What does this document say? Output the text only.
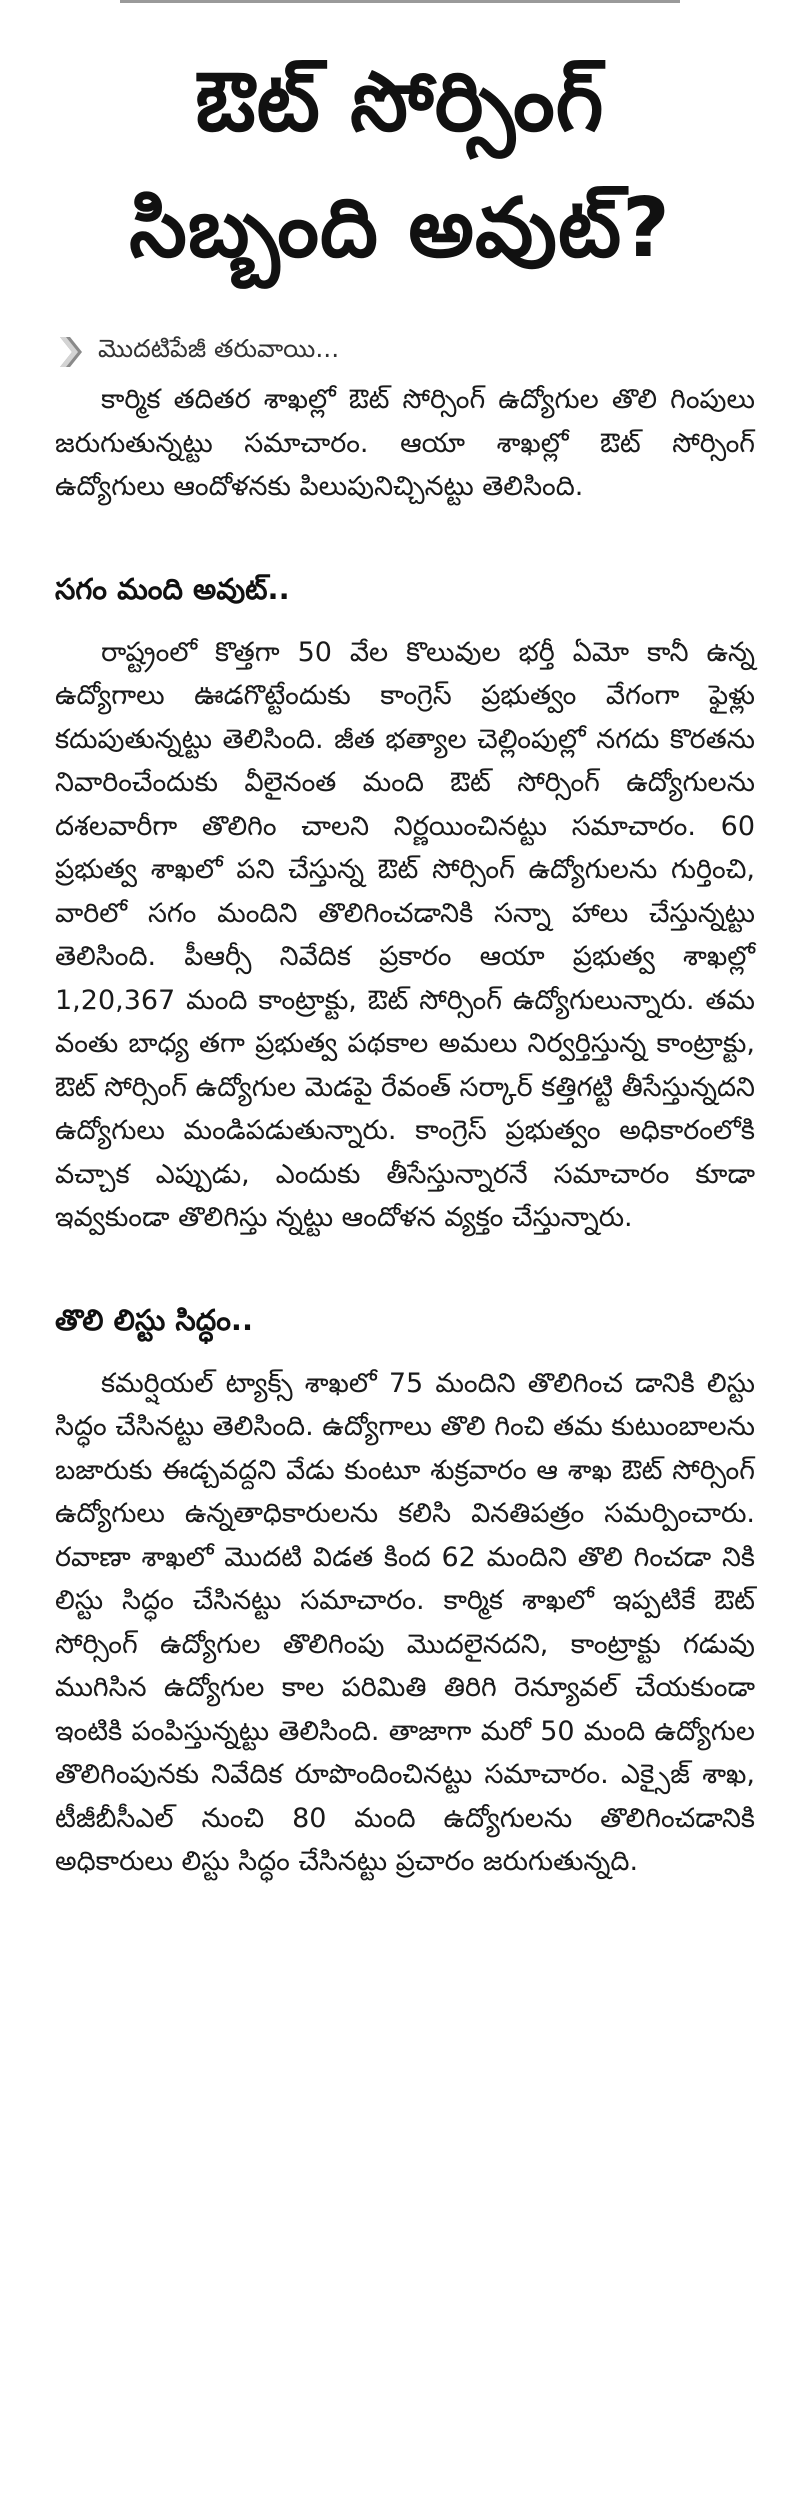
ఔట్ సోర్సింగ్
సిబ్బంది అవుట్?
మొదటిపేజీ తరువాయి...

కార్మిక తదితర శాఖల్లో ఔట్ సోర్సింగ్ ఉద్యోగుల తొలి గింపులు జరుగుతున్నట్టు సమాచారం. ఆయా శాఖల్లో ఔట్ సోర్సింగ్ ఉద్యోగులు ఆందోళనకు పిలుపునిచ్చినట్టు తెలిసింది.

సగం మంది అవుట్..

రాష్ట్రంలో కొత్తగా 50 వేల కొలువుల భర్తీ ఏమో కానీ ఉన్న ఉద్యోగాలు ఊడగొట్టేందుకు కాంగ్రెస్ ప్రభుత్వం వేగంగా ఫైళ్లు కదుపుతున్నట్టు తెలిసింది. జీత భత్యాల చెల్లింపుల్లో నగదు కొరతను నివారించేందుకు వీలైనంత మంది ఔట్ సోర్సింగ్ ఉద్యోగులను దశలవారీగా తొలిగిం చాలని నిర్ణయించినట్టు సమాచారం. 60 ప్రభుత్వ శాఖలో పని చేస్తున్న ఔట్ సోర్సింగ్ ఉద్యోగులను గుర్తించి, వారిలో సగం మందిని తొలిగించడానికి సన్నా హాలు చేస్తున్నట్టు తెలిసింది. పీఆర్సీ నివేదిక ప్రకారం ఆయా ప్రభుత్వ శాఖల్లో 1,20,367 మంది కాంట్రాక్టు, ఔట్ సోర్సింగ్ ఉద్యోగులున్నారు. తమ వంతు బాధ్య తగా ప్రభుత్వ పథకాల అమలు నిర్వర్తిస్తున్న కాంట్రాక్టు, ఔట్ సోర్సింగ్ ఉద్యోగుల మెడపై రేవంత్ సర్కార్ కత్తిగట్టి తీసేస్తున్నదని ఉద్యోగులు మండిపడుతున్నారు. కాంగ్రెస్ ప్రభుత్వం అధికారంలోకి వచ్చాక ఎప్పుడు, ఎందుకు తీసేస్తున్నారనే సమాచారం కూడా ఇవ్వకుండా తొలిగిస్తు న్నట్టు ఆందోళన వ్యక్తం చేస్తున్నారు.

తొలి లిస్టు సిద్ధం..

కమర్షియల్ ట్యాక్స్ శాఖలో 75 మందిని తొలిగించ డానికి లిస్టు సిద్ధం చేసినట్టు తెలిసింది. ఉద్యోగాలు తొలి గించి తమ కుటుంబాలను బజారుకు ఈడ్చవద్దని వేడు కుంటూ శుక్రవారం ఆ శాఖ ఔట్ సోర్సింగ్ ఉద్యోగులు ఉన్నతాధికారులను కలిసి వినతిపత్రం సమర్పించారు. రవాణా శాఖలో మొదటి విడత కింద 62 మందిని తొలి గించడా నికి లిస్టు సిద్ధం చేసినట్టు సమాచారం. కార్మిక శాఖలో ఇప్పటికే ఔట్ సోర్సింగ్ ఉద్యోగుల తొలిగింపు మొదలైనదని, కాంట్రాక్టు గడువు ముగిసిన ఉద్యోగుల కాల పరిమితి తిరిగి రెన్యూవల్ చేయకుండా ఇంటికి పంపిస్తున్నట్టు తెలిసింది. తాజాగా మరో 50 మంది ఉద్యోగుల తొలిగింపునకు నివేదిక రూపొందించినట్టు సమాచారం. ఎక్సైజ్ శాఖ, టీజీబీసీఎల్ నుంచి 80 మంది ఉద్యోగులను తొలిగించడానికి అధికారులు లిస్టు సిద్ధం చేసినట్టు ప్రచారం జరుగుతున్నది.
